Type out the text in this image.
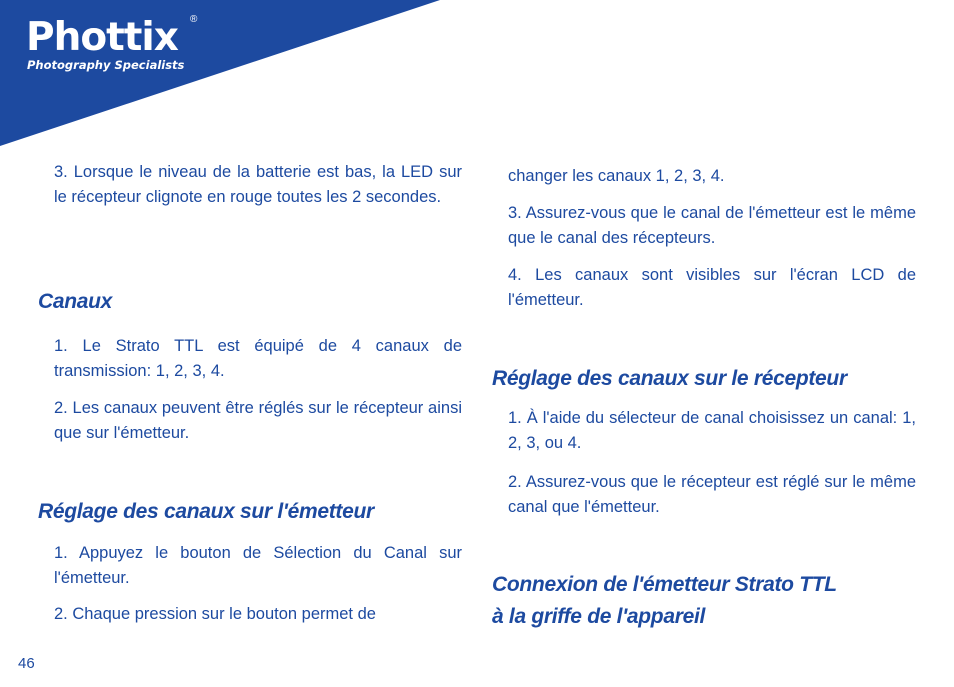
Phottix ®
Photography Specialists

3. Lorsque le niveau de la batterie est bas, la LED sur le récepteur clignote en rouge toutes les 2 secondes.

Canaux

1. Le Strato TTL est équipé de 4 canaux de transmission: 1, 2, 3, 4.

2. Les canaux peuvent être réglés sur le récepteur ainsi que sur l'émetteur.

Réglage des canaux sur l'émetteur

1. Appuyez le bouton de Sélection du Canal sur l'émetteur.

2. Chaque pression sur le bouton permet de

changer les canaux 1, 2, 3, 4.

3. Assurez-vous que le canal de l'émetteur est le même que le canal des récepteurs.

4. Les canaux sont visibles sur l'écran LCD de l'émetteur.

Réglage des canaux sur le récepteur

1. À l'aide du sélecteur de canal choisissez un canal: 1, 2, 3, ou 4.

2. Assurez-vous que le récepteur est réglé sur le même canal que l'émetteur.

Connexion de l'émetteur Strato TTL
à la griffe de l'appareil
46
